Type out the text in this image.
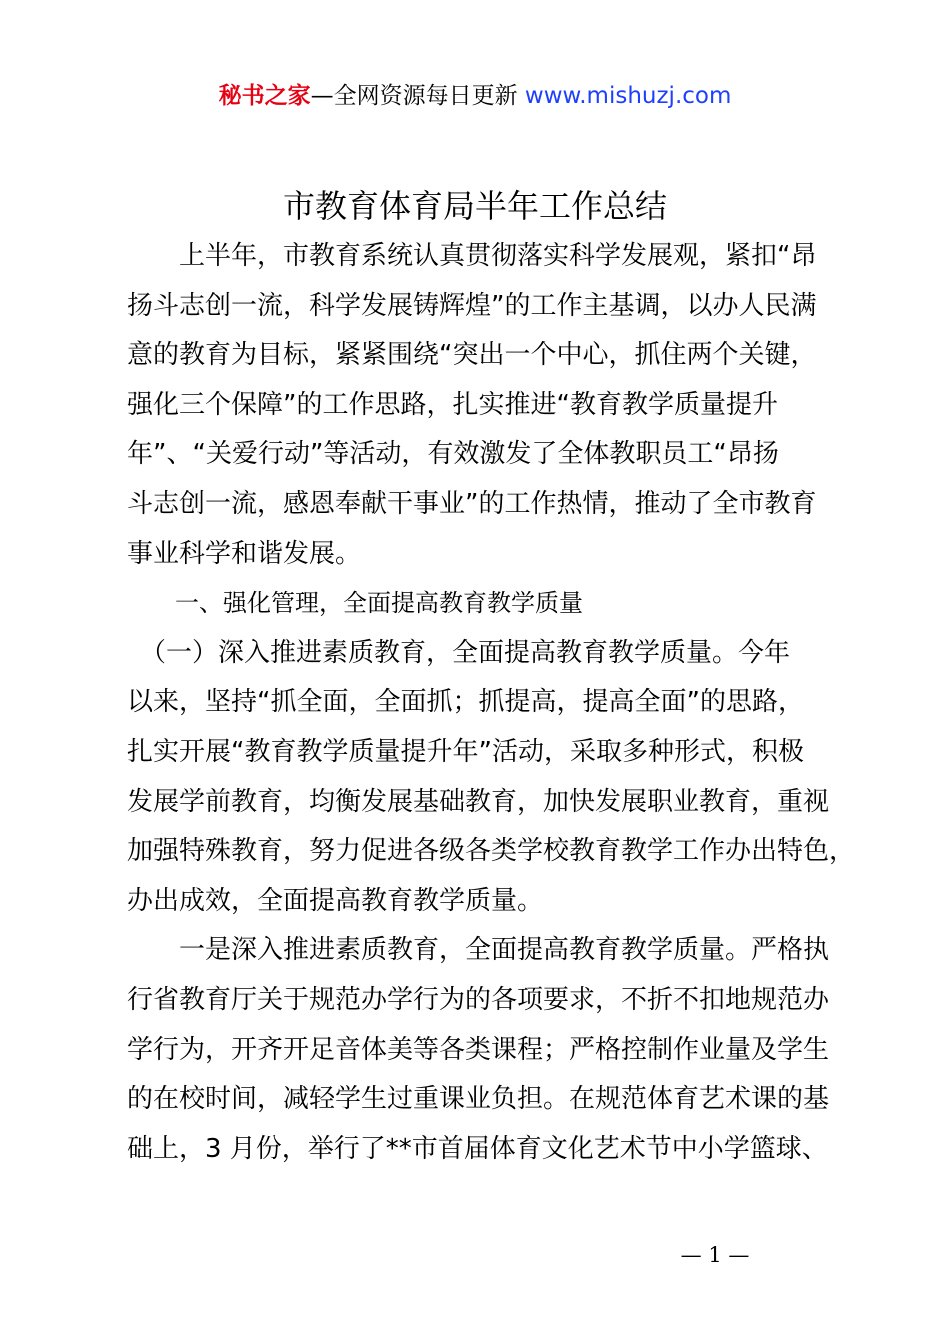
秘书之家—全网资源每日更新 www.mishuzj.com
市教育体育局半年工作总结
　　上半年，市教育系统认真贯彻落实科学发展观，紧扣“昂
扬斗志创一流，科学发展铸辉煌”的工作主基调，以办人民满
意的教育为目标，紧紧围绕“突出一个中心，抓住两个关键，
强化三个保障”的工作思路，扎实推进“教育教学质量提升
年”、“关爱行动”等活动，有效激发了全体教职员工“昂扬
斗志创一流，感恩奉献干事业”的工作热情，推动了全市教育
事业科学和谐发展。
　　一、强化管理，全面提高教育教学质量
　（一）深入推进素质教育，全面提高教育教学质量。今年
以来，坚持“抓全面，全面抓；抓提高，提高全面”的思路，
扎实开展“教育教学质量提升年”活动，采取多种形式，积极
发展学前教育，均衡发展基础教育，加快发展职业教育，重视
加强特殊教育，努力促进各级各类学校教育教学工作办出特色，
办出成效，全面提高教育教学质量。
　　一是深入推进素质教育，全面提高教育教学质量。严格执
行省教育厅关于规范办学行为的各项要求，不折不扣地规范办
学行为，开齐开足音体美等各类课程；严格控制作业量及学生
的在校时间，减轻学生过重课业负担。在规范体育艺术课的基
础上，3 月份，举行了**市首届体育文化艺术节中小学篮球、
— 1 —
